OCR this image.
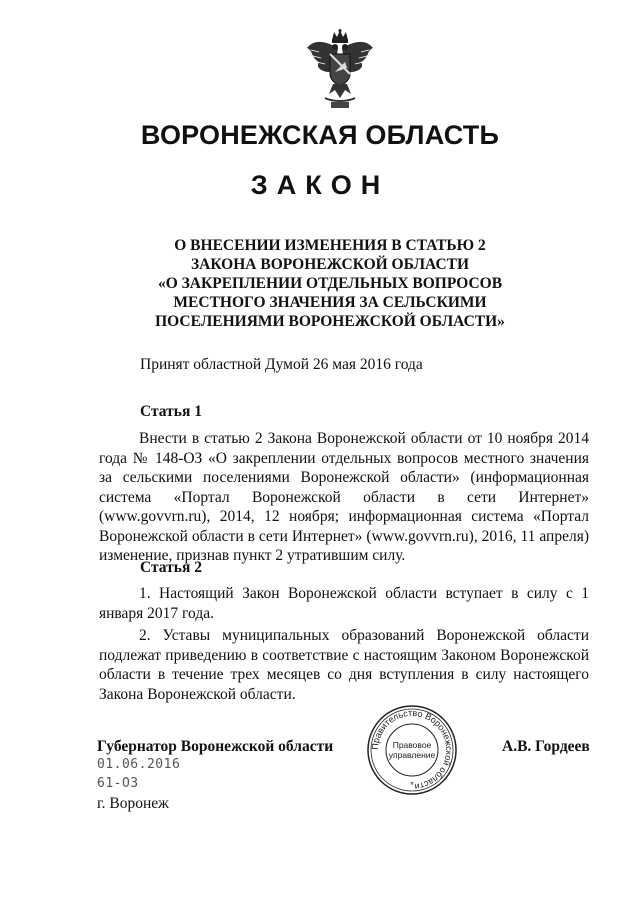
ВОРОНЕЖСКАЯ ОБЛАСТЬ
ЗАКОН
О ВНЕСЕНИИ ИЗМЕНЕНИЯ В СТАТЬЮ 2
ЗАКОНА ВОРОНЕЖСКОЙ ОБЛАСТИ
«О ЗАКРЕПЛЕНИИ ОТДЕЛЬНЫХ ВОПРОСОВ
МЕСТНОГО ЗНАЧЕНИЯ ЗА СЕЛЬСКИМИ
ПОСЕЛЕНИЯМИ ВОРОНЕЖСКОЙ ОБЛАСТИ»
Принят областной Думой 26 мая 2016 года
Статья 1
Внести в статью 2 Закона Воронежской области от 10 ноября 2014 года № 148-ОЗ «О закреплении отдельных вопросов местного значения за сельскими поселениями Воронежской области» (информационная система «Портал Воронежской области в сети Интернет» (www.govvrn.ru), 2014, 12 ноября; информационная система «Портал Воронежской области в сети Интернет» (www.govvrn.ru), 2016, 11 апреля) изменение, признав пункт 2 утратившим силу.
Статья 2
1. Настоящий Закон Воронежской области вступает в силу с 1 января 2017 года.
2. Уставы муниципальных образований Воронежской области подлежат приведению в соответствие с настоящим Законом Воронежской области в течение трех месяцев со дня вступления в силу настоящего Закона Воронежской области.
Губернатор Воронежской области
01.06.2016
61-ОЗ
г. Воронеж
А.В. Гордеев
Правительство Воронежской области
Правовое
управление
*
